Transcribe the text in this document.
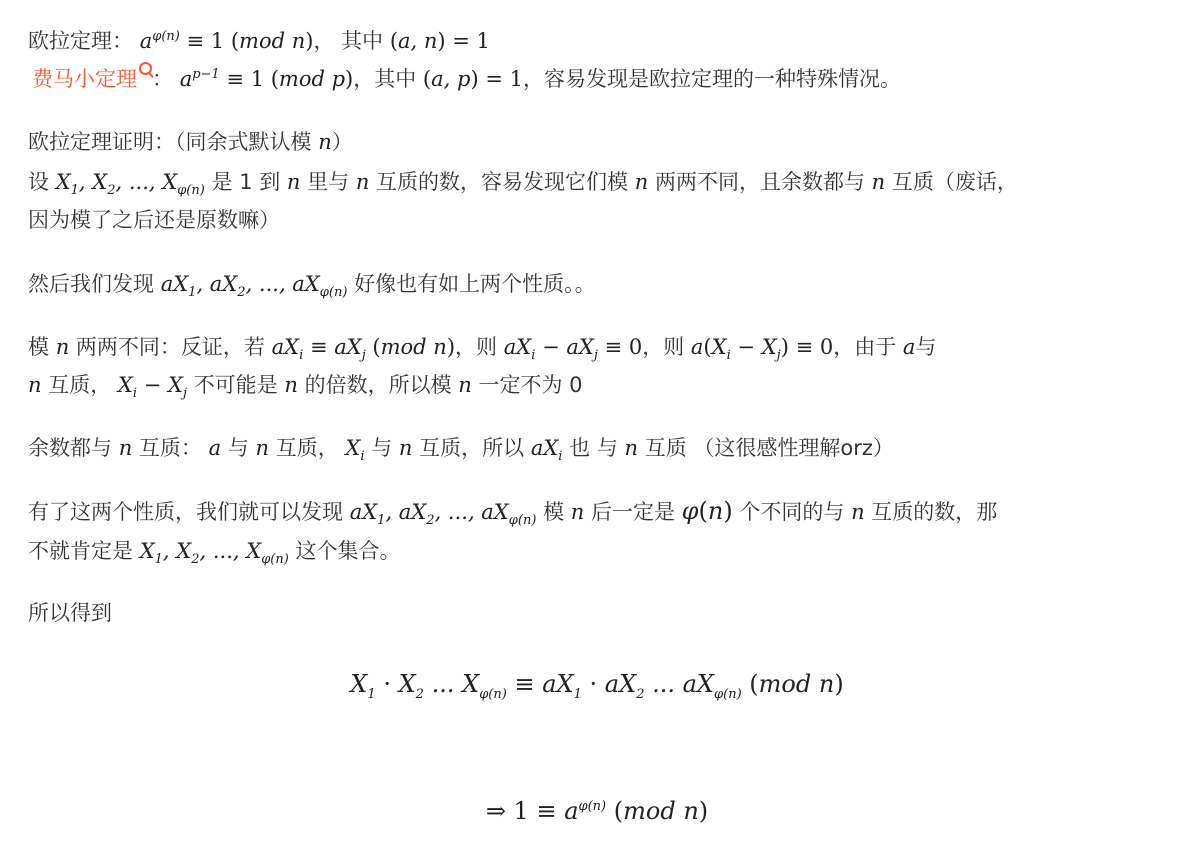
欧拉定理： $a^{\varphi(n)} \equiv 1$ (mod n)， 其中 (a, n) = 1
费马小定理 ： $a^{p-1} \equiv 1$ (mod p)，其中 (a, p) = 1，容易发现是欧拉定理的一种特殊情况。
欧拉定理证明：（同余式默认模 n）
设 $X_1$, $X_2$, ..., $X_{\varphi(n)}$ 是 1 到 n 里与 n 互质的数，容易发现它们模 n 两两不同，且余数都与 n 互质（废话，
因为模了之后还是原数嘛）
然后我们发现 $aX_1$, $aX_2$, ..., $aX_{\varphi(n)}$ 好像也有如上两个性质。。
模 n 两两不同：反证，若 $aX_i \equiv aX_j$ (mod n)，则 $aX_i - aX_j \equiv 0$，则 $a(X_i - X_j) \equiv 0$，由于 a与
n 互质， $X_i - X_j$ 不可能是 n 的倍数，所以模 n 一定不为 0
余数都与 n 互质： a 与 n 互质， $X_i$ 与 n 互质，所以 $aX_i$ 也 与 n 互质 （这很感性理解orz）
有了这两个性质，我们就可以发现 $aX_1$, $aX_2$, ..., $aX_{\varphi(n)}$ 模 n 后一定是 φ(n) 个不同的与 n 互质的数，那
不就肯定是 $X_1$, $X_2$, ..., $X_{\varphi(n)}$ 这个集合。
所以得到
$X_1 \cdot X_2$ ... $X_{\varphi(n)} \equiv aX_1 \cdot aX_2$ ... $aX_{\varphi(n)}$ (mod n)
⇒ $1 \equiv a^{\varphi(n)}$ (mod n)
